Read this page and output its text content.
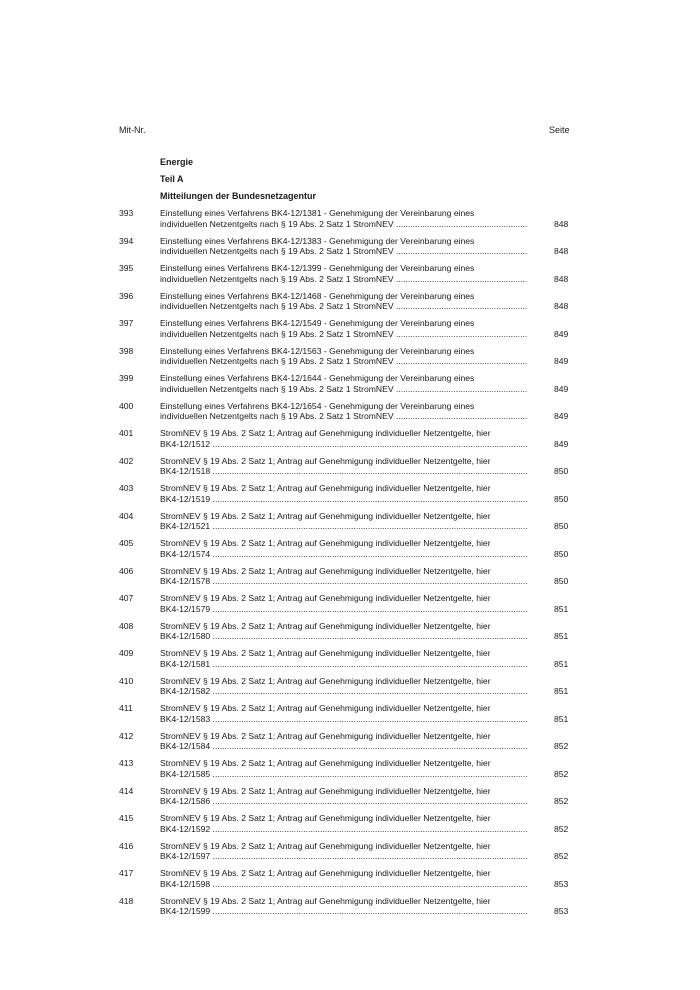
Mit-Nr.	Seite
Energie
Teil A
Mitteilungen der Bundesnetzagentur
393	Einstellung eines Verfahrens BK4-12/1381 - Genehmigung der Vereinbarung eines
individuellen Netzentgelts nach § 19 Abs. 2 Satz 1 StromNEV .....	848
394	Einstellung eines Verfahrens BK4-12/1383 - Genehmigung der Vereinbarung eines
individuellen Netzentgelts nach § 19 Abs. 2 Satz 1 StromNEV .....	848
395	Einstellung eines Verfahrens BK4-12/1399 - Genehmigung der Vereinbarung eines
individuellen Netzentgelts nach § 19 Abs. 2 Satz 1 StromNEV .....	848
396	Einstellung eines Verfahrens BK4-12/1468 - Genehmigung der Vereinbarung eines
individuellen Netzentgelts nach § 19 Abs. 2 Satz 1 StromNEV .....	848
397	Einstellung eines Verfahrens BK4-12/1549 - Genehmigung der Vereinbarung eines
individuellen Netzentgelts nach § 19 Abs. 2 Satz 1 StromNEV .....	849
398	Einstellung eines Verfahrens BK4-12/1563 - Genehmigung der Vereinbarung eines
individuellen Netzentgelts nach § 19 Abs. 2 Satz 1 StromNEV .....	849
399	Einstellung eines Verfahrens BK4-12/1644 - Genehmigung der Vereinbarung eines
individuellen Netzentgelts nach § 19 Abs. 2 Satz 1 StromNEV .....	849
400	Einstellung eines Verfahrens BK4-12/1654 - Genehmigung der Vereinbarung eines
individuellen Netzentgelts nach § 19 Abs. 2 Satz 1 StromNEV .....	849
401	StromNEV § 19 Abs. 2 Satz 1; Antrag auf Genehmigung individueller Netzentgelte, hier
BK4-12/1512 .....	849
402	StromNEV § 19 Abs. 2 Satz 1; Antrag auf Genehmigung individueller Netzentgelte, hier
BK4-12/1518 .....	850
403	StromNEV § 19 Abs. 2 Satz 1; Antrag auf Genehmigung individueller Netzentgelte, hier
BK4-12/1519 .....	850
404	StromNEV § 19 Abs. 2 Satz 1; Antrag auf Genehmigung individueller Netzentgelte, hier
BK4-12/1521 .....	850
405	StromNEV § 19 Abs. 2 Satz 1; Antrag auf Genehmigung individueller Netzentgelte, hier
BK4-12/1574 .....	850
406	StromNEV § 19 Abs. 2 Satz 1; Antrag auf Genehmigung individueller Netzentgelte, hier
BK4-12/1578 .....	850
407	StromNEV § 19 Abs. 2 Satz 1; Antrag auf Genehmigung individueller Netzentgelte, hier
BK4-12/1579 .....	851
408	StromNEV § 19 Abs. 2 Satz 1; Antrag auf Genehmigung individueller Netzentgelte, hier
BK4-12/1580 .....	851
409	StromNEV § 19 Abs. 2 Satz 1; Antrag auf Genehmigung individueller Netzentgelte, hier
BK4-12/1581 .....	851
410	StromNEV § 19 Abs. 2 Satz 1; Antrag auf Genehmigung individueller Netzentgelte, hier
BK4-12/1582 .....	851
411	StromNEV § 19 Abs. 2 Satz 1; Antrag auf Genehmigung individueller Netzentgelte, hier
BK4-12/1583 .....	851
412	StromNEV § 19 Abs. 2 Satz 1; Antrag auf Genehmigung individueller Netzentgelte, hier
BK4-12/1584 .....	852
413	StromNEV § 19 Abs. 2 Satz 1; Antrag auf Genehmigung individueller Netzentgelte, hier
BK4-12/1585 .....	852
414	StromNEV § 19 Abs. 2 Satz 1; Antrag auf Genehmigung individueller Netzentgelte, hier
BK4-12/1586 .....	852
415	StromNEV § 19 Abs. 2 Satz 1; Antrag auf Genehmigung individueller Netzentgelte, hier
BK4-12/1592 .....	852
416	StromNEV § 19 Abs. 2 Satz 1; Antrag auf Genehmigung individueller Netzentgelte, hier
BK4-12/1597 .....	852
417	StromNEV § 19 Abs. 2 Satz 1; Antrag auf Genehmigung individueller Netzentgelte, hier
BK4-12/1598 .....	853
418	StromNEV § 19 Abs. 2 Satz 1; Antrag auf Genehmigung individueller Netzentgelte, hier
BK4-12/1599 .....	853
